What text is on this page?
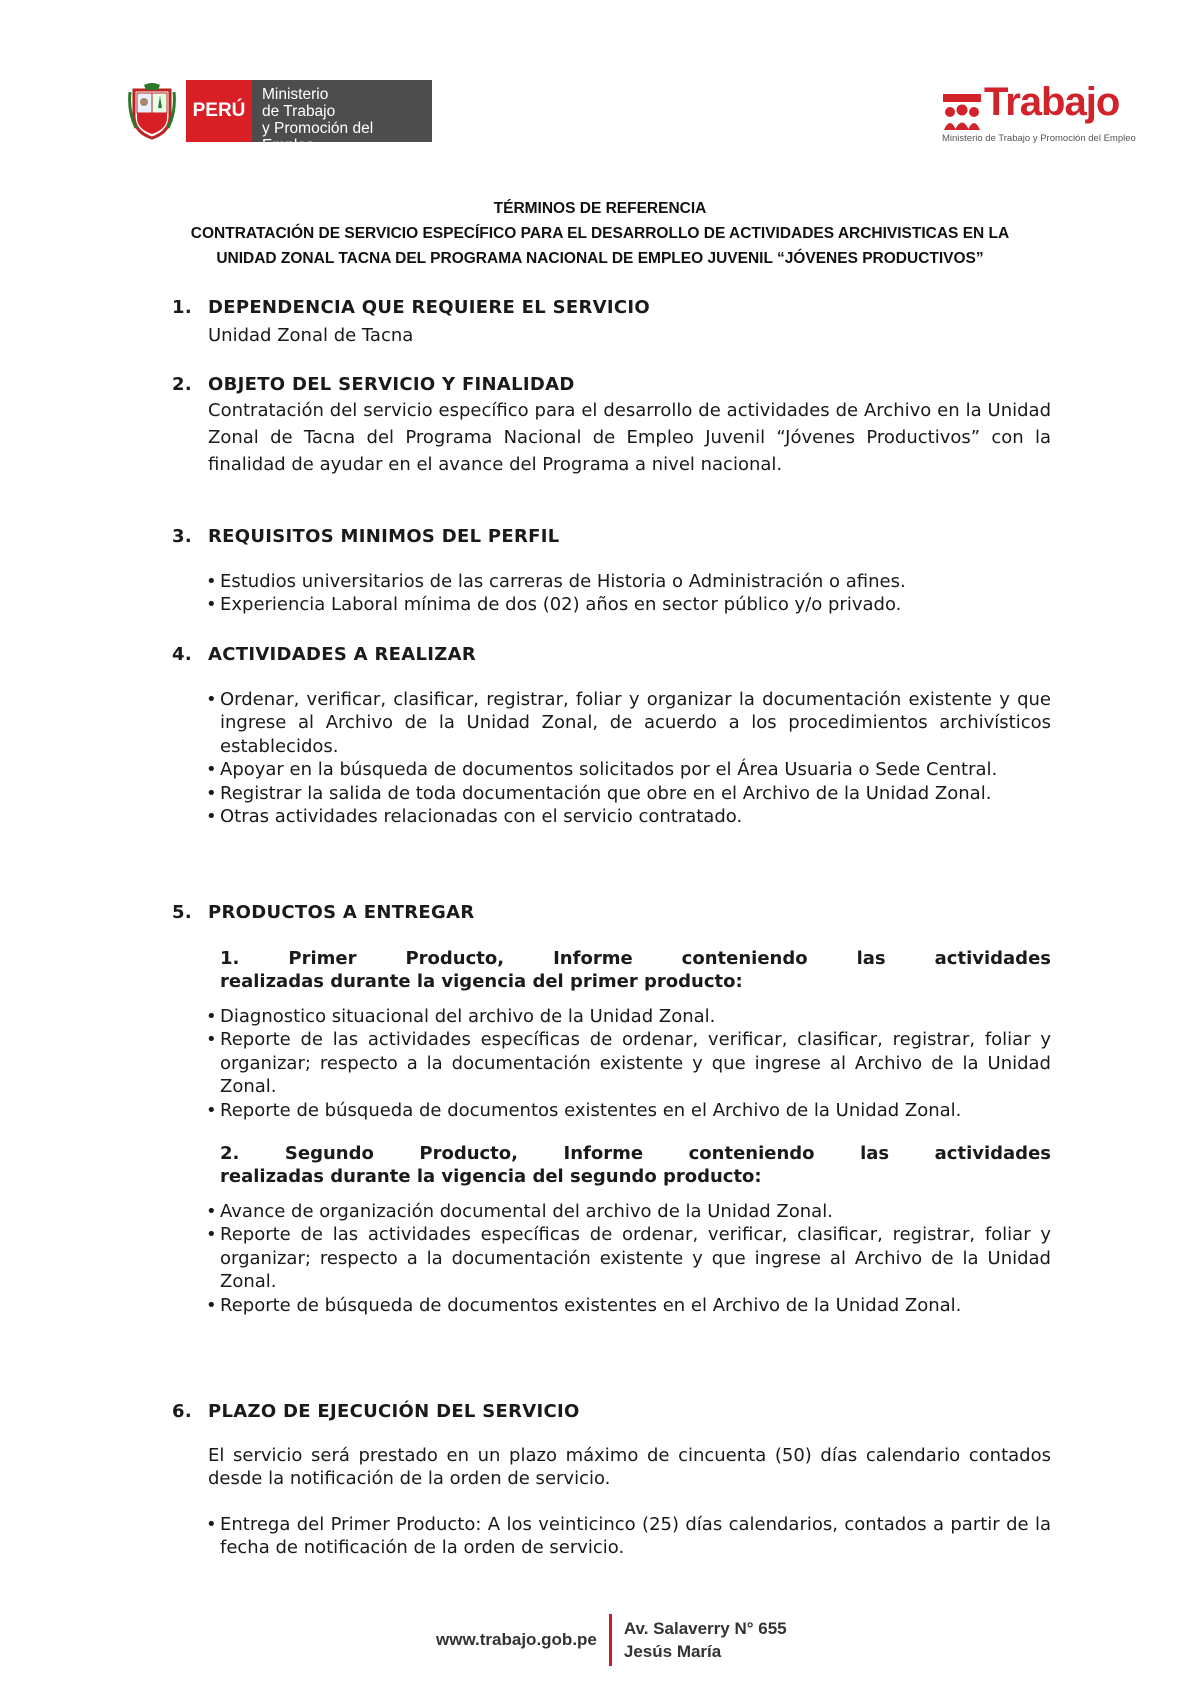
PERÚ
Ministerio
de Trabajo
y Promoción del Empleo
Trabajo
Ministerio de Trabajo y Promoción del Empleo
TÉRMINOS DE REFERENCIA
CONTRATACIÓN DE SERVICIO ESPECÍFICO PARA EL DESARROLLO DE ACTIVIDADES ARCHIVISTICAS EN LA
UNIDAD ZONAL TACNA DEL PROGRAMA NACIONAL DE EMPLEO JUVENIL “JÓVENES PRODUCTIVOS”
1. DEPENDENCIA QUE REQUIERE EL SERVICIO
Unidad Zonal de Tacna
2. OBJETO DEL SERVICIO Y FINALIDAD
Contratación del servicio específico para el desarrollo de actividades de Archivo en la Unidad Zonal de Tacna del Programa Nacional de Empleo Juvenil “Jóvenes Productivos” con la finalidad de ayudar en el avance del Programa a nivel nacional.
3. REQUISITOS MINIMOS DEL PERFIL
• Estudios universitarios de las carreras de Historia o Administración o afines.
• Experiencia Laboral mínima de dos (02) años en sector público y/o privado.
4. ACTIVIDADES A REALIZAR
• Ordenar, verificar, clasificar, registrar, foliar y organizar la documentación existente y que ingrese al Archivo de la Unidad Zonal, de acuerdo a los procedimientos archivísticos establecidos.
• Apoyar en la búsqueda de documentos solicitados por el Área Usuaria o Sede Central.
• Registrar la salida de toda documentación que obre en el Archivo de la Unidad Zonal.
• Otras actividades relacionadas con el servicio contratado.
5. PRODUCTOS A ENTREGAR
1. Primer Producto, Informe conteniendo las actividades
realizadas durante la vigencia del primer producto:
• Diagnostico situacional del archivo de la Unidad Zonal.
• Reporte de las actividades específicas de ordenar, verificar, clasificar, registrar, foliar y organizar; respecto a la documentación existente y que ingrese al Archivo de la Unidad Zonal.
• Reporte de búsqueda de documentos existentes en el Archivo de la Unidad Zonal.
2. Segundo Producto, Informe conteniendo las actividades
realizadas durante la vigencia del segundo producto:
• Avance de organización documental del archivo de la Unidad Zonal.
• Reporte de las actividades específicas de ordenar, verificar, clasificar, registrar, foliar y organizar; respecto a la documentación existente y que ingrese al Archivo de la Unidad Zonal.
• Reporte de búsqueda de documentos existentes en el Archivo de la Unidad Zonal.
6. PLAZO DE EJECUCIÓN DEL SERVICIO
El servicio será prestado en un plazo máximo de cincuenta (50) días calendario contados desde la notificación de la orden de servicio.
• Entrega del Primer Producto: A los veinticinco (25) días calendarios, contados a partir de la fecha de notificación de la orden de servicio.
www.trabajo.gob.pe
Av. Salaverry N° 655
Jesús María
